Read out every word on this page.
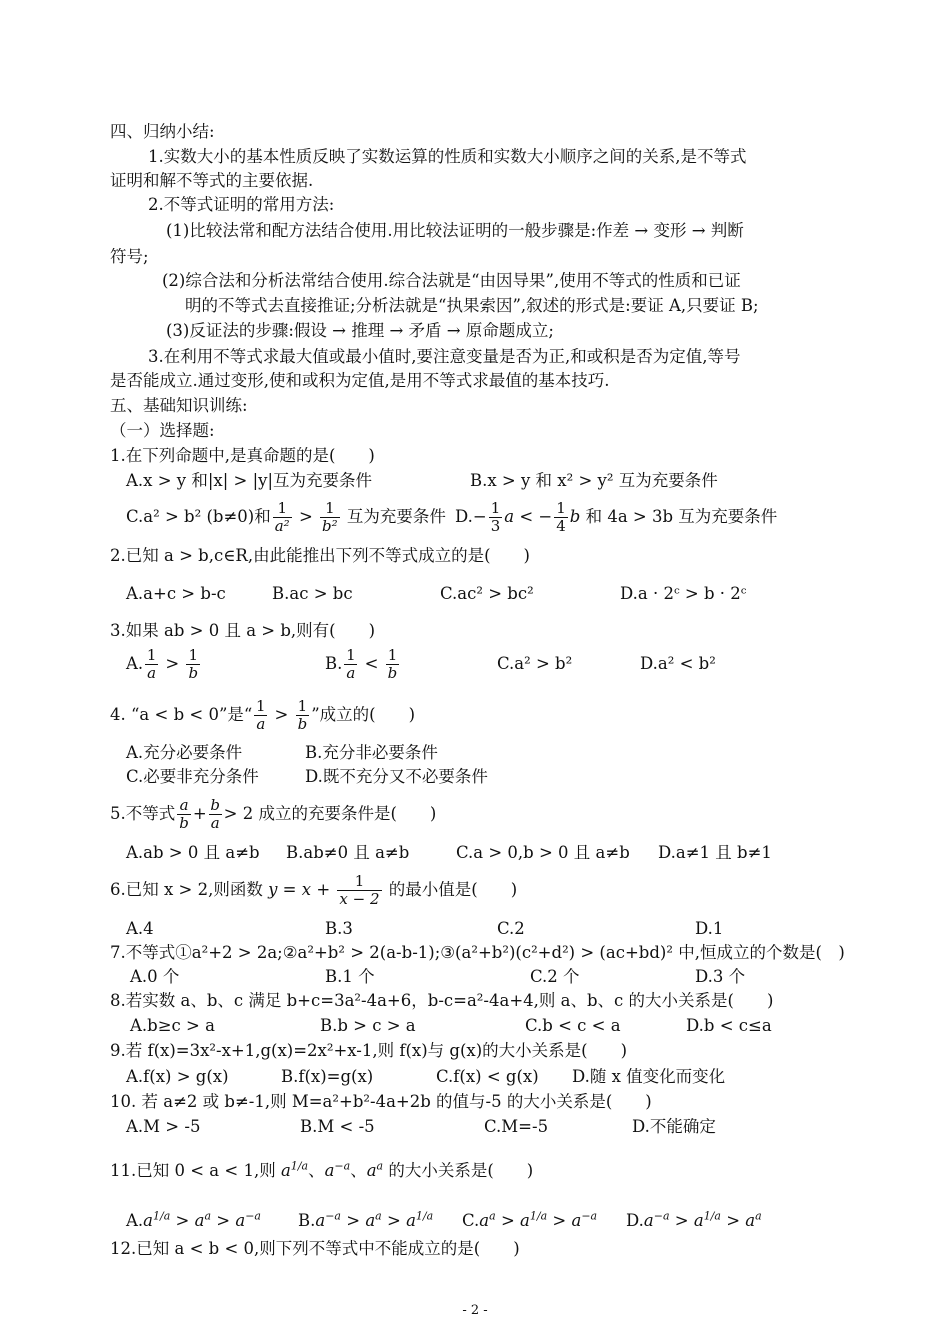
四、归纳小结:
1.实数大小的基本性质反映了实数运算的性质和实数大小顺序之间的关系,是不等式
证明和解不等式的主要依据.
2.不等式证明的常用方法:
(1)比较法常和配方法结合使用.用比较法证明的一般步骤是:作差 → 变形 → 判断
符号;
(2)综合法和分析法常结合使用.综合法就是“由因导果”,使用不等式的性质和已证
明的不等式去直接推证;分析法就是“执果索因”,叙述的形式是:要证 A,只要证 B;
(3)反证法的步骤:假设 → 推理 → 矛盾 → 原命题成立;
3.在利用不等式求最大值或最小值时,要注意变量是否为正,和或积是否为定值,等号
是否能成立.通过变形,使和或积为定值,是用不等式求最值的基本技巧.
五、基础知识训练:
（一）选择题:
1.在下列命题中,是真命题的是(　　)
A.x > y 和|x| > |y|互为充要条件	B.x > y 和 x² > y² 互为充要条件
C.a² > b² (b≠0)和 $\frac{1}{\text{a²}} > \frac{1}{\text{b²}}$ 互为充要条件 $D.- \frac{1}{3}$ a < − $\frac{1}{4}$ b 和 4a > 3b 互为充要条件
2.已知 a > b,c∈R,由此能推出下列不等式成立的是(　　)
A.a+c > b-c	B.ac > bc	C.ac² > bc²	D.a · 2ᶜ > b · 2ᶜ
3.如果 ab > 0 且 a > b,则有(　　)
A. $\frac{1}{a} > \frac{1}{b}$	B. $\frac{1}{a} < \frac{1}{b}$	C.a² > b²	D.a² < b²
4. “a < b < 0”是“ $\frac{1}{a} > \frac{1}{b}$ ”成立的(　　)
A.充分必要条件	B.充分非必要条件
C.必要非充分条件	D.既不充分又不必要条件
5.不等式 $\frac{a}{b} + \frac{b}{a} > 2$ 成立的充要条件是(　　)
A.ab > 0 且 a≠b B.ab≠0 且 a≠b	C.a > 0,b > 0 且 a≠b D.a≠1 且 b≠1
6.已知 x > 2,则函数 $y = x + \frac{1}{x - 2}$ 的最小值是(　　)
A.4	B.3	C.2	D.1
7.不等式①a²+2 > 2a;②a²+b² > 2(a-b-1);③(a²+b²)(c²+d²) > (ac+bd)² 中,恒成立的个数是(　)
A.0 个	B.1 个	C.2 个	D.3 个
8.若实数 a、b、c 满足 b+c=3a²-4a+6，b-c=a²-4a+4,则 a、b、c 的大小关系是(　　)
A.b≥c > a	B.b > c > a	C.b < c < a	D.b < c≤a
9.若 f(x)=3x²-x+1,g(x)=2x²+x-1,则 f(x)与 g(x)的大小关系是(　　)
A.f(x) > g(x)	B.f(x)=g(x)	C.f(x) < g(x) D.随 x 值变化而变化
10. 若 a≠2 或 b≠-1,则 M=a²+b²-4a+2b 的值与-5 的大小关系是(　　)
A.M > -5	B.M < -5	C.M=-5	D.不能确定
11.已知 0 < a < 1,则 $a^{1/a}$、$a^{-a}$、$a^a$ 的大小关系是(　　)
$A.a^{1/a} > a^a > a^{-a}$ $B.a^{-a} > a^a > a^{1/a}$ $C.a^a > a^{1/a} > a^{-a}$ $D.a^{-a} > a^{1/a} > a^a$
12.已知 a < b < 0,则下列不等式中不能成立的是(　　)
- 2 -
